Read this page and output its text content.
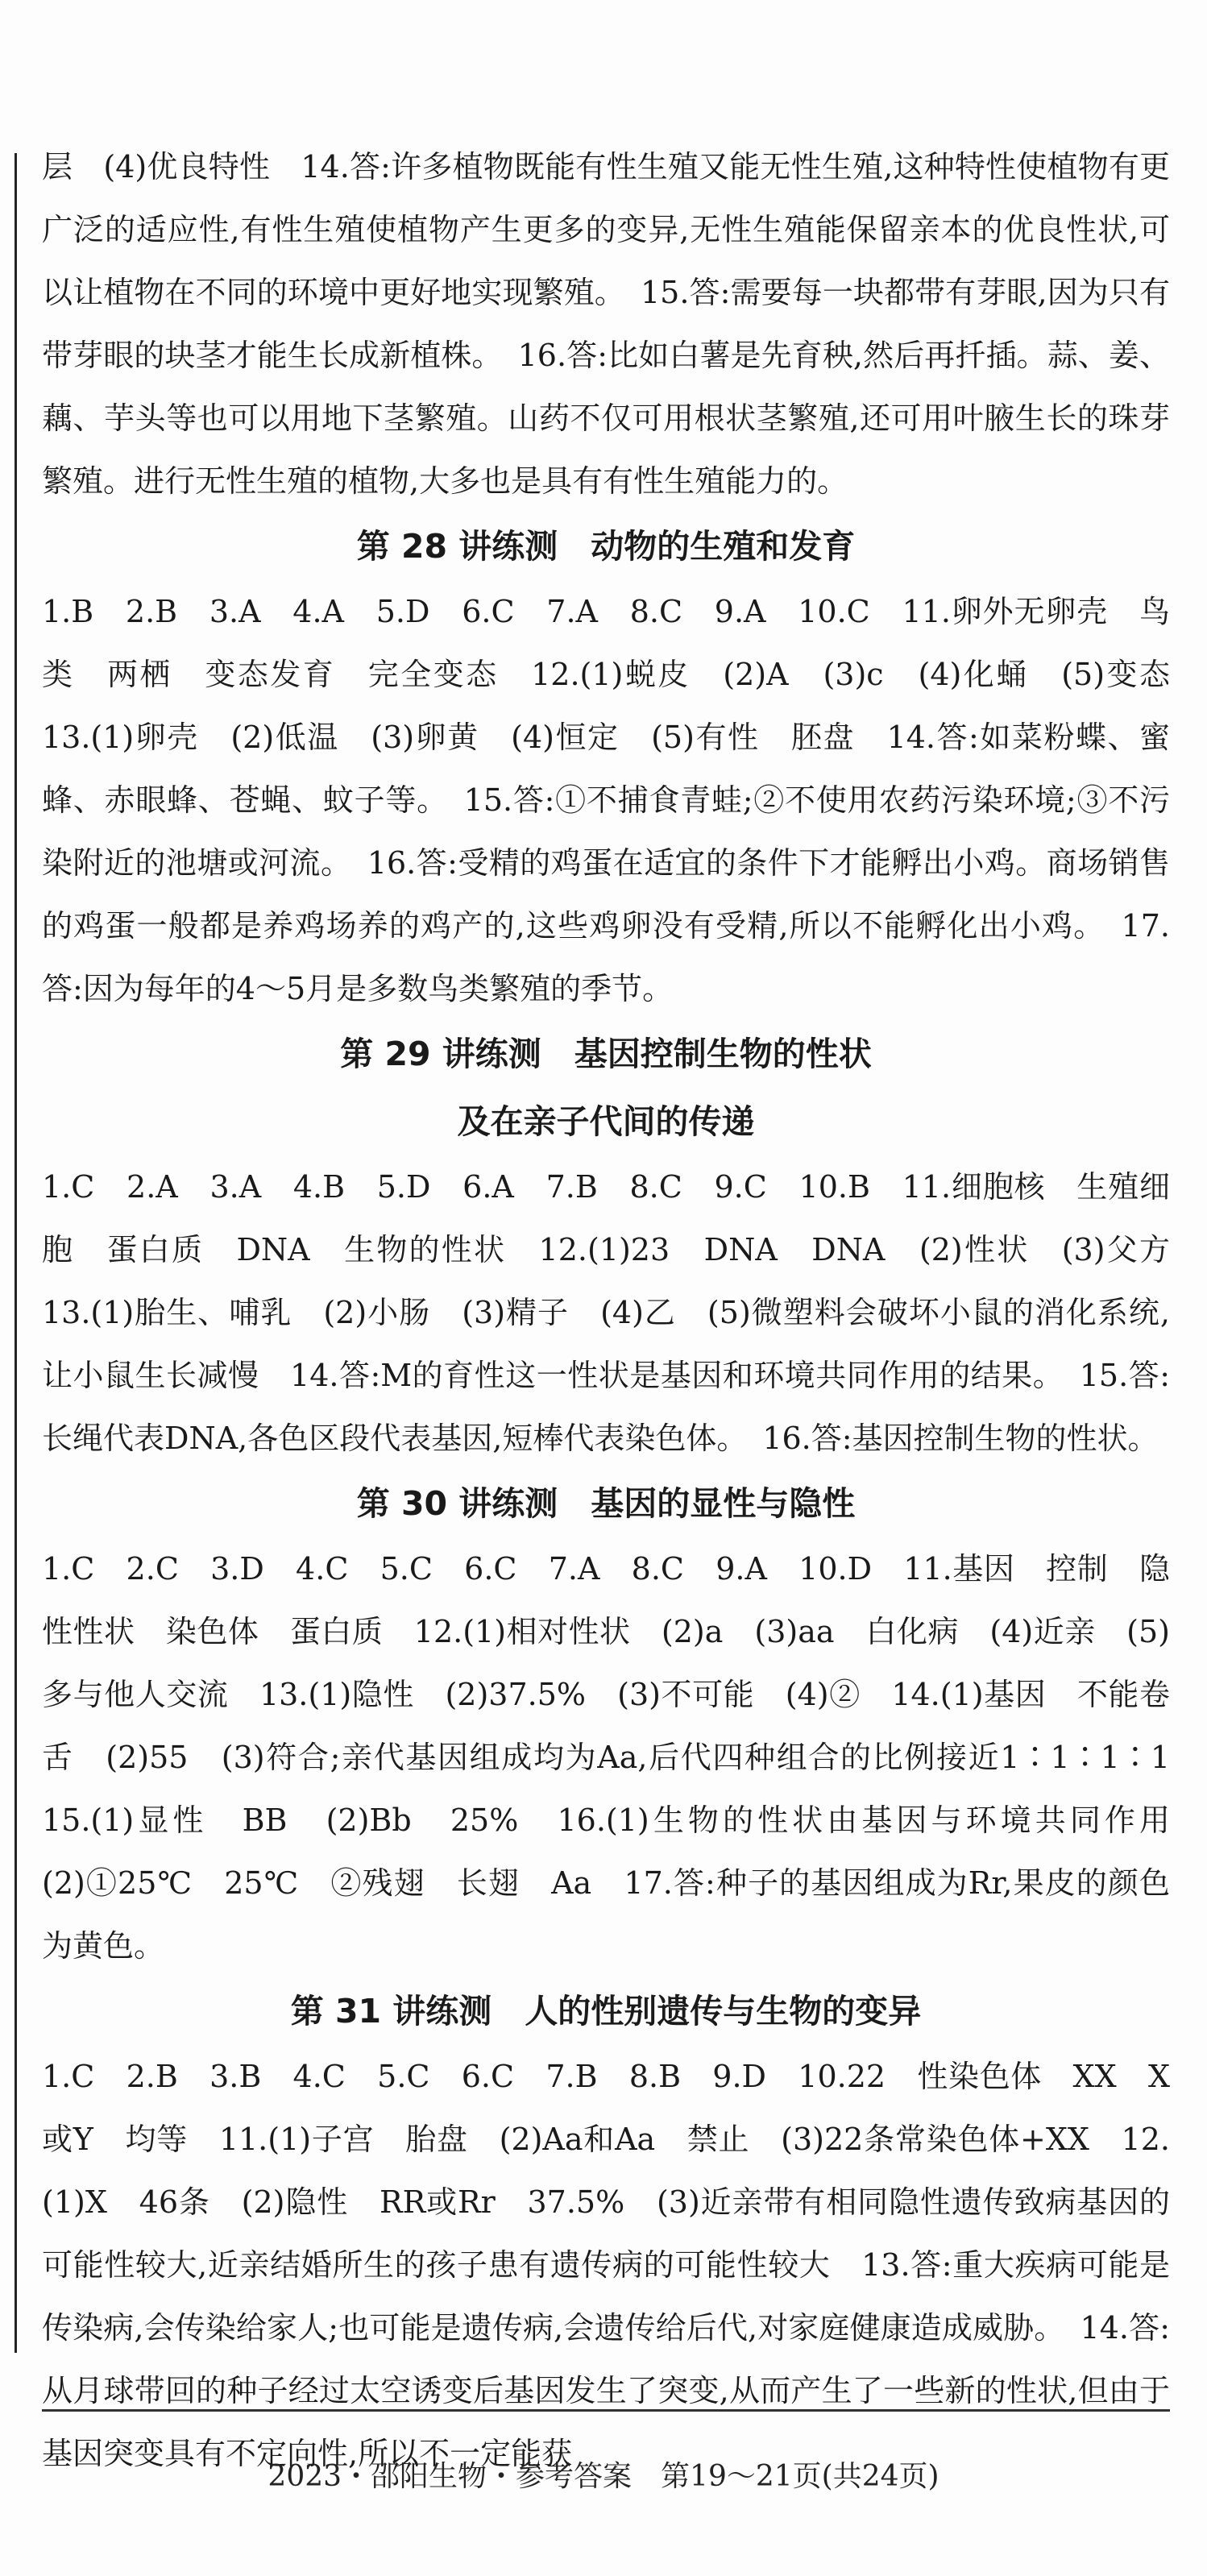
层　(4)优良特性　14.答:许多植物既能有性生殖又能无性生殖,这种特性使植物有更广泛的适应性,有性生殖使植物产生更多的变异,无性生殖能保留亲本的优良性状,可以让植物在不同的环境中更好地实现繁殖。　15.答:需要每一块都带有芽眼,因为只有带芽眼的块茎才能生长成新植株。　16.答:比如白薯是先育秧,然后再扦插。蒜、姜、藕、芋头等也可以用地下茎繁殖。山药不仅可用根状茎繁殖,还可用叶腋生长的珠芽繁殖。进行无性生殖的植物,大多也是具有有性生殖能力的。

第 28 讲练测　动物的生殖和发育

1.B　2.B　3.A　4.A　5.D　6.C　7.A　8.C　9.A　10.C　11.卵外无卵壳　鸟类　两栖　变态发育　完全变态　12.(1)蜕皮　(2)A　(3)c　(4)化蛹　(5)变态　13.(1)卵壳　(2)低温　(3)卵黄　(4)恒定　(5)有性　胚盘　14.答:如菜粉蝶、蜜蜂、赤眼蜂、苍蝇、蚊子等。　15.答:①不捕食青蛙;②不使用农药污染环境;③不污染附近的池塘或河流。　16.答:受精的鸡蛋在适宜的条件下才能孵出小鸡。商场销售的鸡蛋一般都是养鸡场养的鸡产的,这些鸡卵没有受精,所以不能孵化出小鸡。　17.答:因为每年的4～5月是多数鸟类繁殖的季节。

第 29 讲练测　基因控制生物的性状
及在亲子代间的传递

1.C　2.A　3.A　4.B　5.D　6.A　7.B　8.C　9.C　10.B　11.细胞核　生殖细胞　蛋白质　DNA　生物的性状　12.(1)23　DNA　DNA　(2)性状　(3)父方　13.(1)胎生、哺乳　(2)小肠　(3)精子　(4)乙　(5)微塑料会破坏小鼠的消化系统,让小鼠生长减慢　14.答:M的育性这一性状是基因和环境共同作用的结果。　15.答:长绳代表DNA,各色区段代表基因,短棒代表染色体。　16.答:基因控制生物的性状。

第 30 讲练测　基因的显性与隐性

1.C　2.C　3.D　4.C　5.C　6.C　7.A　8.C　9.A　10.D　11.基因　控制　隐性性状　染色体　蛋白质　12.(1)相对性状　(2)a　(3)aa　白化病　(4)近亲　(5)多与他人交流　13.(1)隐性　(2)37.5%　(3)不可能　(4)②　14.(1)基因　不能卷舌　(2)55　(3)符合;亲代基因组成均为Aa,后代四种组合的比例接近1∶1∶1∶1　15.(1)显性　BB　(2)Bb　25%　16.(1)生物的性状由基因与环境共同作用　(2)①25℃　25℃　②残翅　长翅　Aa　17.答:种子的基因组成为Rr,果皮的颜色为黄色。

第 31 讲练测　人的性别遗传与生物的变异

1.C　2.B　3.B　4.C　5.C　6.C　7.B　8.B　9.D　10.22　性染色体　XX　X或Y　均等　11.(1)子宫　胎盘　(2)Aa和Aa　禁止　(3)22条常染色体+XX　12.(1)X　46条　(2)隐性　RR或Rr　37.5%　(3)近亲带有相同隐性遗传致病基因的可能性较大,近亲结婚所生的孩子患有遗传病的可能性较大　13.答:重大疾病可能是传染病,会传染给家人;也可能是遗传病,会遗传给后代,对家庭健康造成威胁。　14.答:从月球带回的种子经过太空诱变后基因发生了突变,从而产生了一些新的性状,但由于基因突变具有不定向性,所以不一定能获

2023・邵阳生物・参考答案　第19～21页(共24页)
